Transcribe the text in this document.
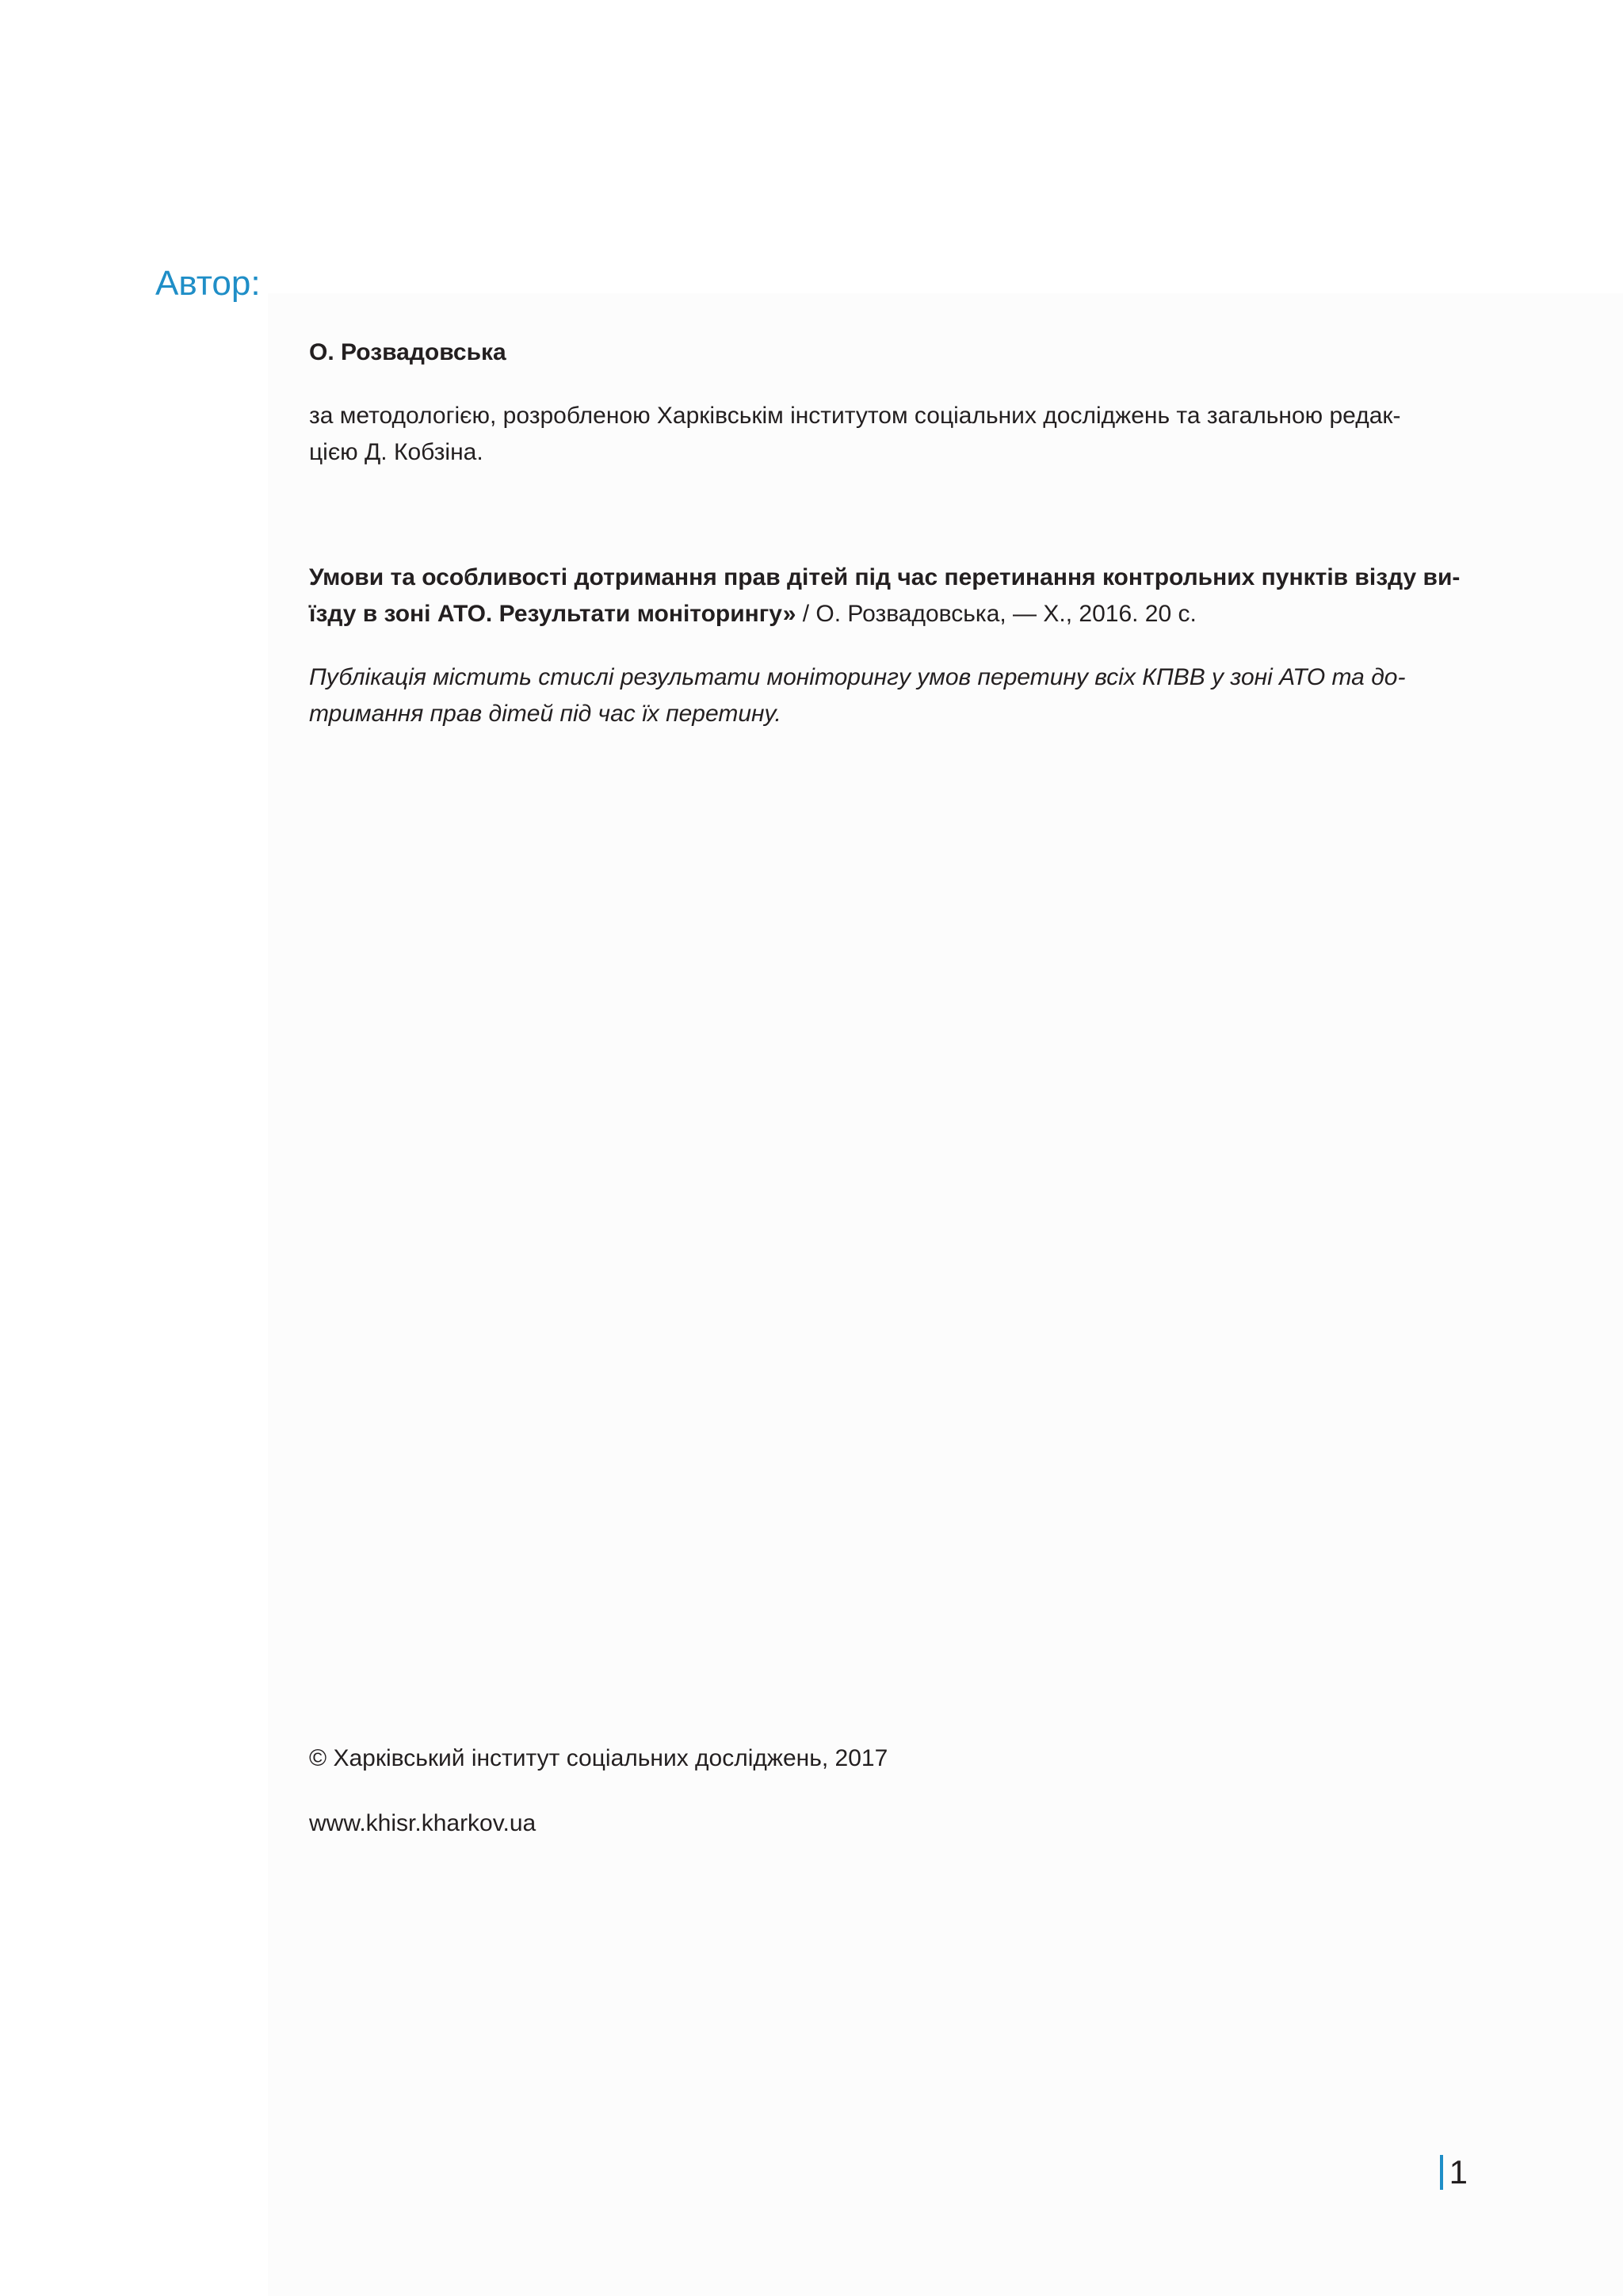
Автор:
О. Розвадовська
за методологією, розробленою Харківськім інститутом соціальних досліджень та загальною редак-
цією Д. Кобзіна.
Умови та особливості дотримання прав дітей під час перетинання контрольних пунктів візду ви-
їзду в зоні АТО. Результати моніторингу» / О. Розвадовська, — Х., 2016. 20 с.
Публікація містить стислі результати моніторингу умов перетину всіх КПВВ у зоні АТО та до-
тримання прав дітей під час їх перетину.
© Харківський інститут соціальних досліджень, 2017
www.khisr.kharkov.ua
1
